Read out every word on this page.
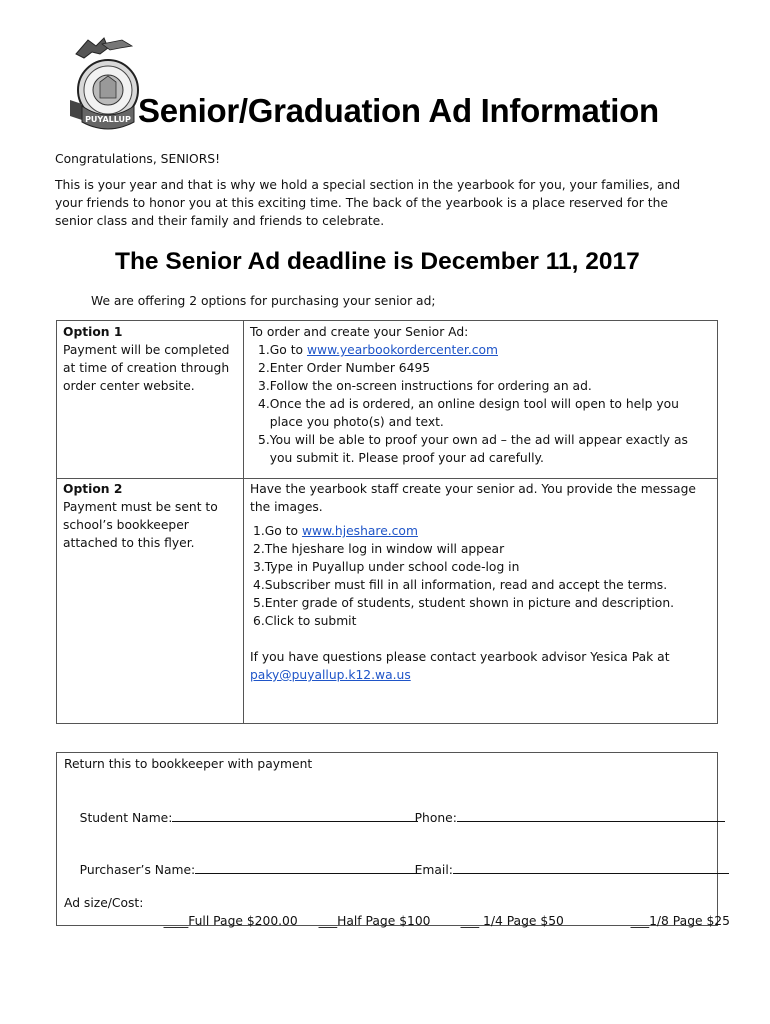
PUYALLUP Senior/Graduation Ad Information

Congratulations, SENIORS!

This is your year and that is why we hold a special section in the yearbook for you, your families, and your friends to honor you at this exciting time. The back of the yearbook is a place reserved for the senior class and their family and friends to celebrate.

The Senior Ad deadline is December 11, 2017

We are offering 2 options for purchasing your senior ad;

Option 1
Payment will be completed at time of creation through order center website.
To order and create your Senior Ad:
1. Go to www.yearbookordercenter.com
2. Enter Order Number 6495
3. Follow the on-screen instructions for ordering an ad.
4. Once the ad is ordered, an online design tool will open to help you place you photo(s) and text.
5. You will be able to proof your own ad – the ad will appear exactly as you submit it. Please proof your ad carefully.
Option 2
Payment must be sent to school’s bookkeeper attached to this flyer.
Have the yearbook staff create your senior ad. You provide the message the images.
1. Go to www.hjeshare.com
2. The hjeshare log in window will appear
3. Type in Puyallup under school code-log in
4. Subscriber must fill in all information, read and accept the terms.
5. Enter grade of students, student shown in picture and description.
6. Click to submit
If you have questions please contact yearbook advisor Yesica Pak at
paky@puyallup.k12.wa.us
Return this to bookkeeper with payment

Student Name:
	Phone:

Purchaser’s Name:
	Email:

Ad size/Cost:

____Full Page $200.00
	___Half Page $100
	___ 1/4 Page $50
	___1/8 Page $25
